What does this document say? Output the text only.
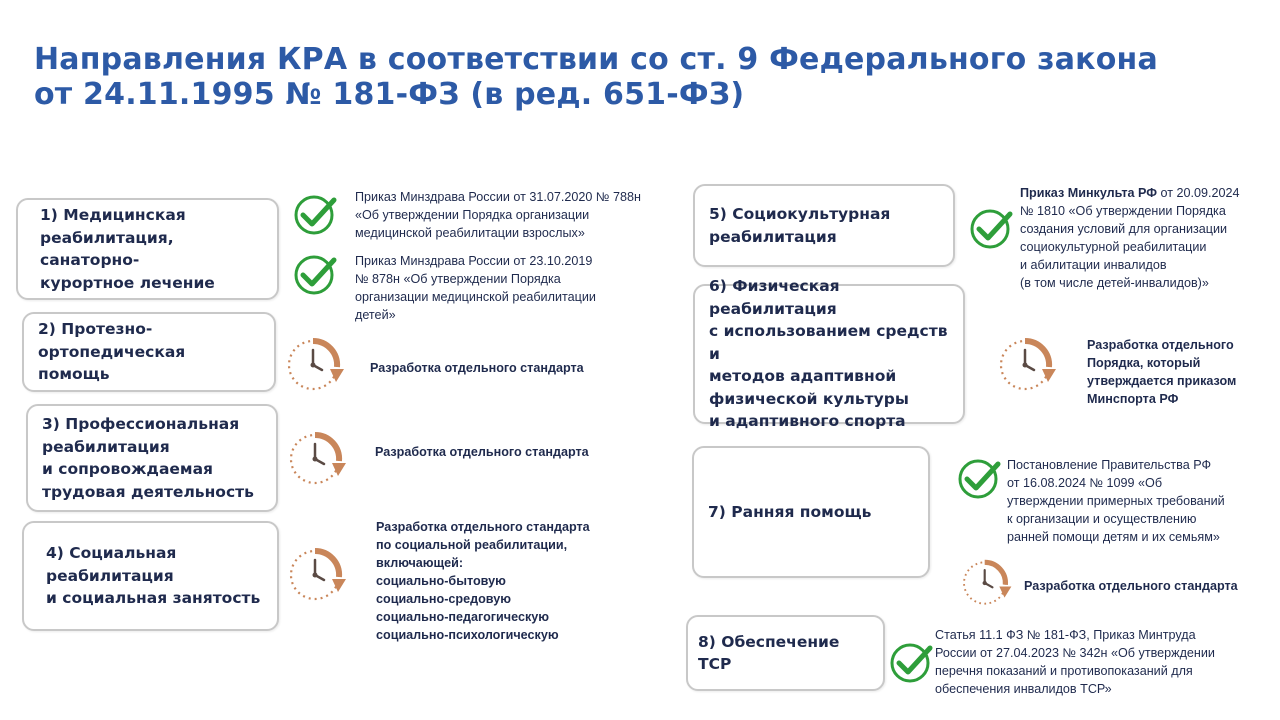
Направления КРА в соответствии со ст. 9 Федерального закона
от 24.11.1995 № 181-ФЗ (в ред. 651-ФЗ)
1) Медицинская
реабилитация, санаторно-
курортное лечение
2) Протезно-
ортопедическая помощь
3) Профессиональная
реабилитация
и сопровождаемая
трудовая деятельность
4) Социальная
реабилитация
и социальная занятость
5) Социокультурная
реабилитация
6) Физическая реабилитация
с использованием средств и
методов адаптивной
физической культуры
и адаптивного спорта
7) Ранняя помощь
8) Обеспечение ТСР
Приказ Минздрава России от 31.07.2020 № 788н
«Об утверждении Порядка организации
медицинской реабилитации взрослых»
Приказ Минздрава России от 23.10.2019
№ 878н «Об утверждении Порядка
организации медицинской реабилитации
детей»
Разработка отдельного стандарта
Разработка отдельного стандарта
Разработка отдельного стандарта
по социальной реабилитации,
включающей:
социально-бытовую
социально-средовую
социально-педагогическую
социально-психологическую
Приказ Минкульта РФ от 20.09.2024
№ 1810 «Об утверждении Порядка
создания условий для организации
социокультурной реабилитации
и абилитации инвалидов
(в том числе детей-инвалидов)»
Разработка отдельного
Порядка, который
утверждается приказом
Минспорта РФ
Постановление Правительства РФ
от 16.08.2024 № 1099 «Об
утверждении примерных требований
к организации и осуществлению
ранней помощи детям и их семьям»
Разработка отдельного стандарта
Статья 11.1 ФЗ № 181-ФЗ, Приказ Минтруда
России от 27.04.2023 № 342н «Об утверждении
перечня показаний и противопоказаний для
обеспечения инвалидов ТСР»
